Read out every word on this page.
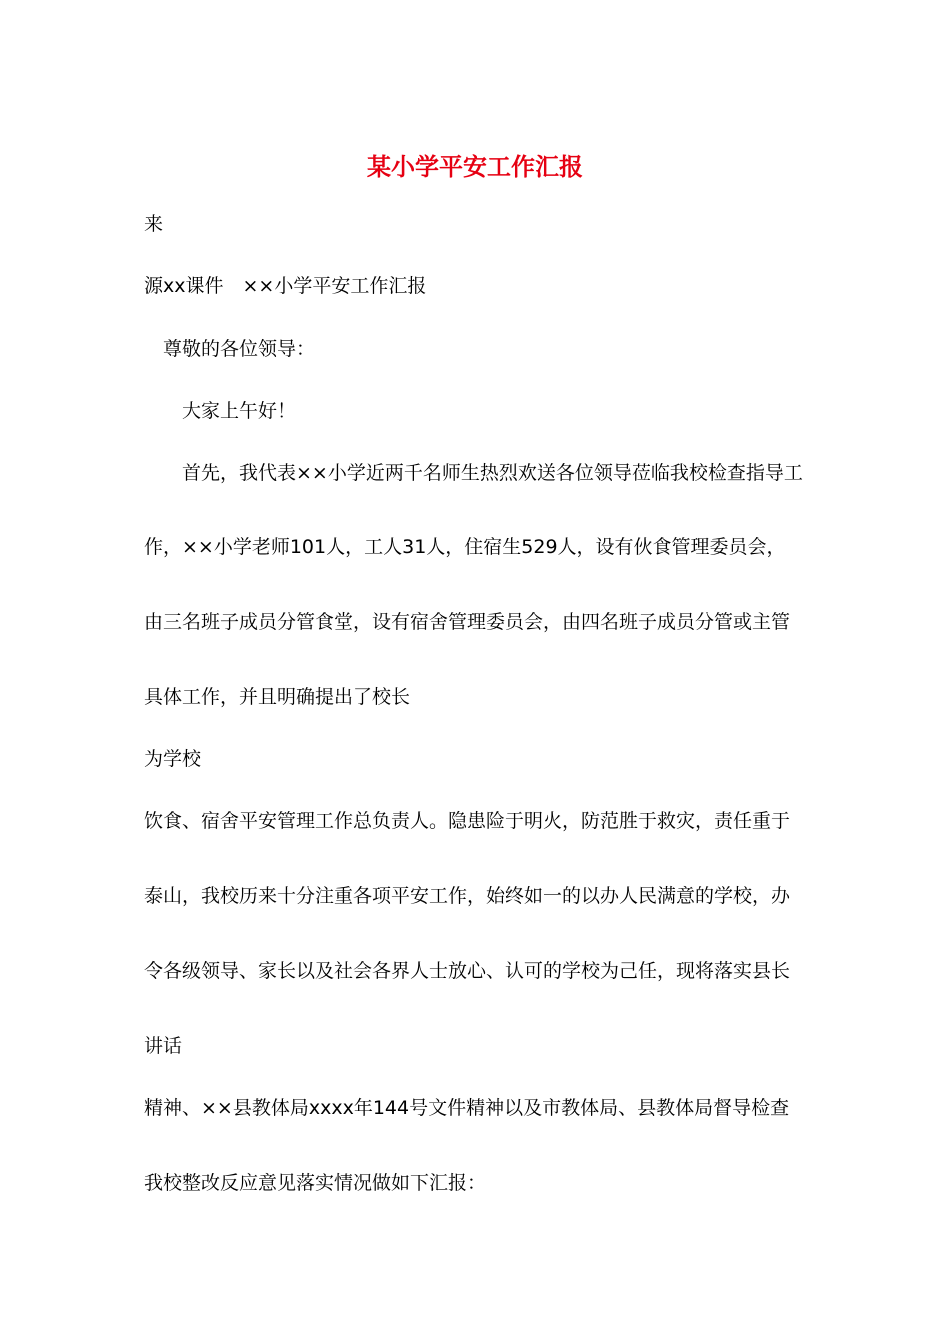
某小学平安工作汇报
来
源xx课件　××小学平安工作汇报
　尊敬的各位领导：
　　大家上午好！
　　首先，我代表××小学近两千名师生热烈欢送各位领导莅临我校检查指导工
作，××小学老师101人，工人31人，住宿生529人，设有伙食管理委员会，
由三名班子成员分管食堂，设有宿舍管理委员会，由四名班子成员分管或主管
具体工作，并且明确提出了校长
为学校
饮食、宿舍平安管理工作总负责人。隐患险于明火，防范胜于救灾，责任重于
泰山，我校历来十分注重各项平安工作，始终如一的以办人民满意的学校，办
令各级领导、家长以及社会各界人士放心、认可的学校为己任，现将落实县长
讲话
精神、××县教体局xxxx年144号文件精神以及市教体局、县教体局督导检查
我校整改反应意见落实情况做如下汇报：
